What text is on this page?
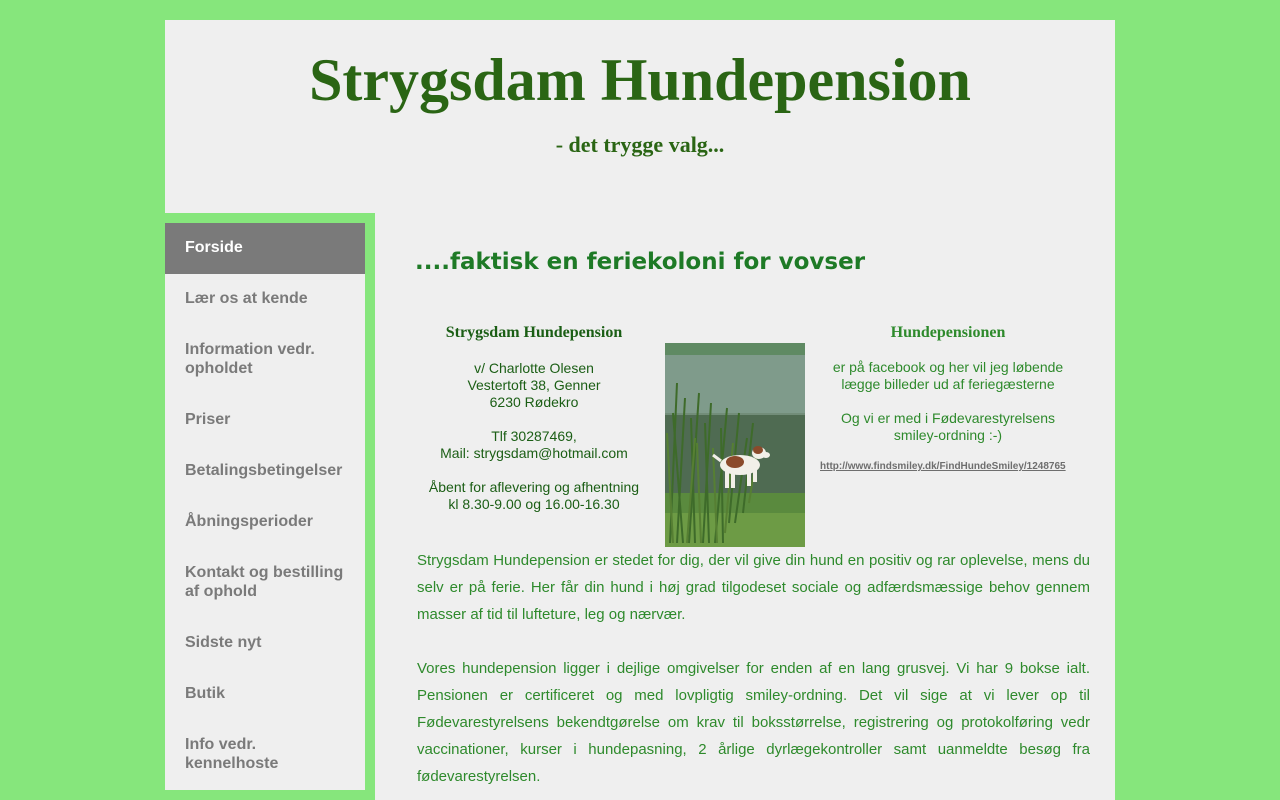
Strygsdam Hundepension
- det trygge valg...
Forside
Lær os at kende
Information vedr. opholdet
Priser
Betalingsbetingelser
Åbningsperioder
Kontakt og bestilling af ophold
Sidste nyt
Butik
Info vedr. kennelhoste
....faktisk en feriekoloni for vovser
Strygsdam Hundepension

v/ Charlotte Olesen

Vestertoft 38, Genner

6230 Rødekro

Tlf 30287469,

Mail: strygsdam@hotmail.com

Åbent for aflevering og afhentning

kl 8.30-9.00 og 16.00-16.30

Hundepensionen

er på facebook og her vil jeg løbende lægge billeder ud af feriegæsterne

Og vi er med i Fødevarestyrelsens smiley-ordning :-)

http://www.findsmiley.dk/FindHundeSmiley/1248765

Strygsdam Hundepension er stedet for dig, der vil give din hund en positiv og rar oplevelse, mens du selv er på ferie. Her får din hund i høj grad tilgodeset sociale og adfærdsmæssige behov gennem masser af tid til lufteture, leg og nærvær.

Vores hundepension ligger i dejlige omgivelser for enden af en lang grusvej. Vi har 9 bokse ialt. Pensionen er certificeret og med lovpligtig smiley-ordning. Det vil sige at vi lever op til Fødevarestyrelsens bekendtgørelse om krav til boksstørrelse, registrering og protokolføring vedr vaccinationer, kurser i hundepasning, 2 årlige dyrlægekontroller samt uanmeldte besøg fra fødevarestyrelsen.
